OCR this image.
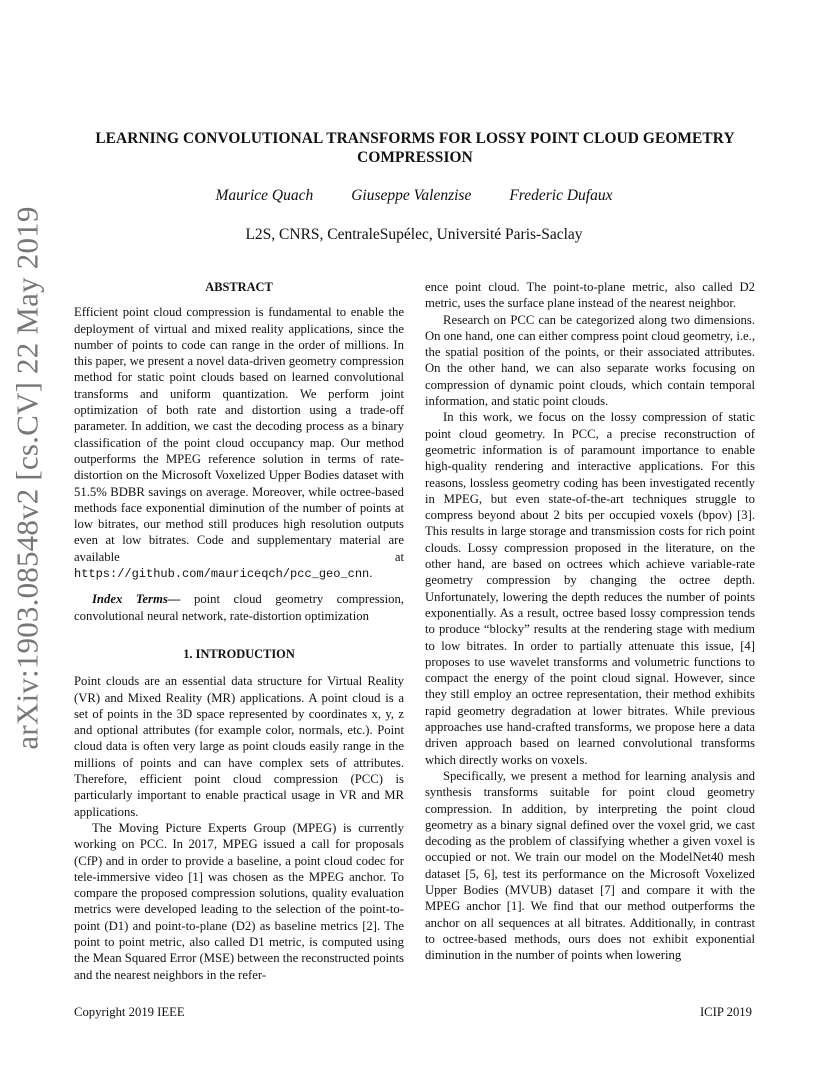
arXiv:1903.08548v2 [cs.CV] 22 May 2019
LEARNING CONVOLUTIONAL TRANSFORMS FOR LOSSY POINT CLOUD GEOMETRY COMPRESSION
Maurice Quach Giuseppe Valenzise Frederic Dufaux
L2S, CNRS, CentraleSupélec, Université Paris-Saclay
ABSTRACT

Efficient point cloud compression is fundamental to enable the deployment of virtual and mixed reality applications, since the number of points to code can range in the order of millions. In this paper, we present a novel data-driven geometry compression method for static point clouds based on learned convolutional transforms and uniform quantization. We perform joint optimization of both rate and distortion using a trade-off parameter. In addition, we cast the decoding process as a binary classification of the point cloud occupancy map. Our method outperforms the MPEG reference solution in terms of rate-distortion on the Microsoft Voxelized Upper Bodies dataset with 51.5% BDBR savings on average. Moreover, while octree-based methods face exponential diminution of the number of points at low bitrates, our method still produces high resolution outputs even at low bitrates. Code and supplementary material are available at https://github.com/mauriceqch/pcc_geo_cnn.

Index Terms— point cloud geometry compression, convolutional neural network, rate-distortion optimization

1. INTRODUCTION

Point clouds are an essential data structure for Virtual Reality (VR) and Mixed Reality (MR) applications. A point cloud is a set of points in the 3D space represented by coordinates x, y, z and optional attributes (for example color, normals, etc.). Point cloud data is often very large as point clouds easily range in the millions of points and can have complex sets of attributes. Therefore, efficient point cloud compression (PCC) is particularly important to enable practical usage in VR and MR applications.

The Moving Picture Experts Group (MPEG) is currently working on PCC. In 2017, MPEG issued a call for proposals (CfP) and in order to provide a baseline, a point cloud codec for tele-immersive video [1] was chosen as the MPEG anchor. To compare the proposed compression solutions, quality evaluation metrics were developed leading to the selection of the point-to-point (D1) and point-to-plane (D2) as baseline metrics [2]. The point to point metric, also called D1 metric, is computed using the Mean Squared Error (MSE) between the reconstructed points and the nearest neighbors in the refer-

ence point cloud. The point-to-plane metric, also called D2 metric, uses the surface plane instead of the nearest neighbor.

Research on PCC can be categorized along two dimensions. On one hand, one can either compress point cloud geometry, i.e., the spatial position of the points, or their associated attributes. On the other hand, we can also separate works focusing on compression of dynamic point clouds, which contain temporal information, and static point clouds.

In this work, we focus on the lossy compression of static point cloud geometry. In PCC, a precise reconstruction of geometric information is of paramount importance to enable high-quality rendering and interactive applications. For this reasons, lossless geometry coding has been investigated recently in MPEG, but even state-of-the-art techniques struggle to compress beyond about 2 bits per occupied voxels (bpov) [3]. This results in large storage and transmission costs for rich point clouds. Lossy compression proposed in the literature, on the other hand, are based on octrees which achieve variable-rate geometry compression by changing the octree depth. Unfortunately, lowering the depth reduces the number of points exponentially. As a result, octree based lossy compression tends to produce “blocky” results at the rendering stage with medium to low bitrates. In order to partially attenuate this issue, [4] proposes to use wavelet transforms and volumetric functions to compact the energy of the point cloud signal. However, since they still employ an octree representation, their method exhibits rapid geometry degradation at lower bitrates. While previous approaches use hand-crafted transforms, we propose here a data driven approach based on learned convolutional transforms which directly works on voxels.

Specifically, we present a method for learning analysis and synthesis transforms suitable for point cloud geometry compression. In addition, by interpreting the point cloud geometry as a binary signal defined over the voxel grid, we cast decoding as the problem of classifying whether a given voxel is occupied or not. We train our model on the ModelNet40 mesh dataset [5, 6], test its performance on the Microsoft Voxelized Upper Bodies (MVUB) dataset [7] and compare it with the MPEG anchor [1]. We find that our method outperforms the anchor on all sequences at all bitrates. Additionally, in contrast to octree-based methods, ours does not exhibit exponential diminution in the number of points when lowering

Copyright 2019 IEEE	ICIP 2019
